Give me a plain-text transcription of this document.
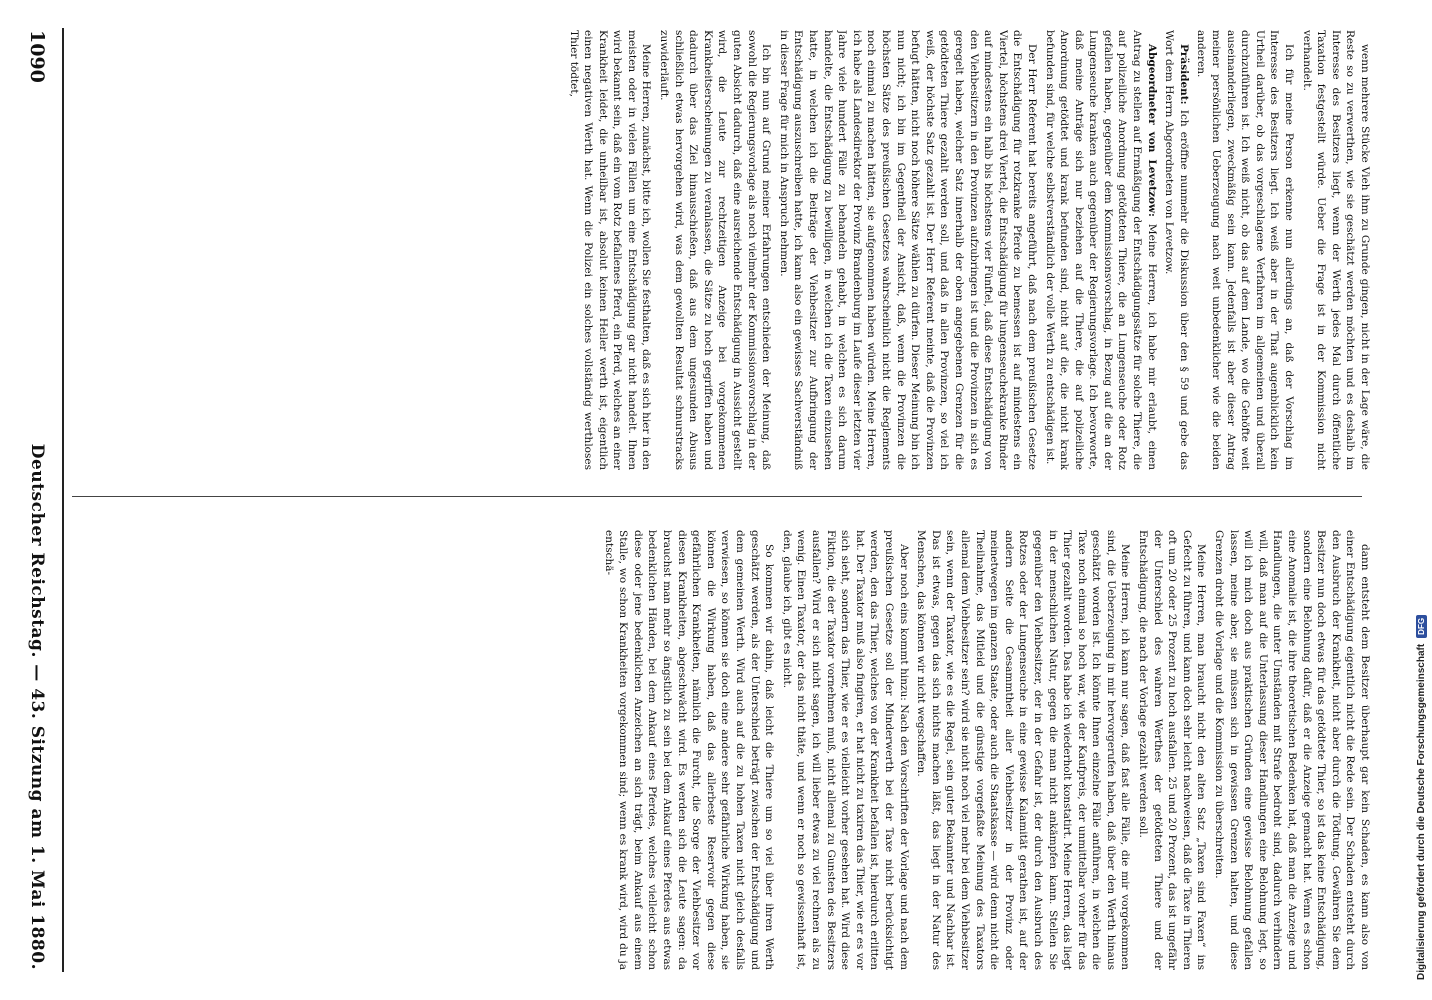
1090
Deutscher Reichstag. — 43. Sitzung am 1. Mai 1880.

wenn mehrere Stücke Vieh ihm zu Grunde gingen, nicht in der Lage wäre, die Reste so zu verwerthen, wie sie geschätzt werden möchten und es deshalb im Interesse des Besitzers liegt, wenn der Werth jedes Mal durch öffentliche Taxation festgestellt würde. Ueber die Frage ist in der Kommission nicht verhandelt.

Ich für meine Person erkenne nun allerdings an, daß der Vorschlag im Interesse des Besitzers liegt. Ich weiß aber in der That augenblicklich kein Urtheil darüber, ob das vorgeschlagene Verfahren im allgemeinen und überall durchzuführen ist. Ich weiß nicht, ob das auf dem Lande, wo die Gehöfte weit auseinanderliegen, zweckmäßig sein kann. Jedenfalls ist aber dieser Antrag meiner persönlichen Ueberzeugung nach weit unbedenklicher wie die beiden anderen.

Präsident: Ich eröffne nunmehr die Diskussion über den § 59 und gebe das Wort dem Herrn Abgeordneten von Levetzow.

Abgeordneter von Levetzow: Meine Herren, ich habe mir erlaubt, einen Antrag zu stellen auf Ermäßigung der Entschädigungssätze für solche Thiere, die auf polizeiliche Anordnung getödteten Thiere, die an Lungenseuche oder Rotz gefallen haben, gegenüber dem Kommissionsvorschlag, in Bezug auf die an der Lungenseuche kranken auch gegenüber der Regierungsvorlage. Ich bevorworte, daß meine Anträge sich nur beziehen auf die Thiere, die auf polizeiliche Anordnung getödtet und krank befunden sind, nicht auf die, die nicht krank befunden sind, für welche selbstverständlich der volle Werth zu entschädigen ist.

Der Herr Referent hat bereits angeführt, daß nach dem preußischen Gesetze die Entschädigung für rotzkranke Pferde zu bemessen ist auf mindestens ein Viertel, höchstens drei Viertel, die Entschädigung für lungenseuchekranke Rinder auf mindestens ein halb bis höchstens vier Fünftel, daß diese Entschädigung von den Viehbesitzern in den Provinzen aufzubringen ist und die Provinzen in sich es geregelt haben, welcher Satz innerhalb der oben angegebenen Grenzen für die getödteten Thiere gezahlt werden soll, und daß in allen Provinzen, so viel ich weiß, der höchste Satz gezahlt ist. Der Herr Referent meinte, daß die Provinzen befugt hätten, nicht noch höhere Sätze wählen zu dürfen. Dieser Meinung bin ich nun nicht; ich bin im Gegentheil der Ansicht, daß, wenn die Provinzen die höchsten Sätze des preußischen Gesetzes wahrscheinlich nicht die Reglements noch einmal zu machen hätten, sie aufgenommen haben würden. Meine Herren, ich habe als Landesdirektor der Provinz Brandenburg im Laufe dieser letzten vier Jahre viele hundert Fälle zu behandeln gehabt, in welchen es sich darum handelte, die Entschädigung zu bewilligen, in welchen ich die Taxen einzusehen hatte, in welchen ich die Beiträge der Viehbesitzer zur Aufbringung der Entschädigung auszuschreiben hatte, ich kann also ein gewisses Sachverständniß in dieser Frage für mich in Anspruch nehmen.

Ich bin nun auf Grund meiner Erfahrungen entschieden der Meinung, daß sowohl die Regierungsvorlage als noch vielmehr der Kommissionsvorschlag in der guten Absicht dadurch, daß eine ausreichende Entschädigung in Aussicht gestellt wird, die Leute zur rechtzeitigen Anzeige bei vorgekommenen Krankheitserscheinungen zu veranlassen, die Sätze zu hoch gegriffen haben und dadurch über das Ziel hinausschießen, daß aus dem ungesunden Abusus schließlich etwas hervorgehen wird, was dem gewollten Resultat schnurstracks zuwiderläuft.

Meine Herren, zunächst, bitte ich, wollen Sie festhalten, daß es sich hier in den meisten oder in vielen Fällen um eine Entschädigung gar nicht handelt. Ihnen wird bekannt sein, daß ein vom Rotz befallenes Pferd, ein Pferd, welches an einer Krankheit leidet, die unheilbar ist, absolut keinen Heller werth ist, eigentlich einen negativen Werth hat. Wenn die Polizei ein solches vollständig werthloses Thier tödtet,

dann entsteht dem Besitzer überhaupt gar kein Schaden, es kann also von einer Entschädigung eigentlich nicht die Rede sein. Der Schaden entsteht durch den Ausbruch der Krankheit, nicht aber durch die Tödtung. Gewähren Sie dem Besitzer nun doch etwas für das getödtete Thier, so ist das keine Entschädigung, sondern eine Belohnung dafür, daß er die Anzeige gemacht hat. Wenn es schon eine Anomalie ist, die ihre theoretischen Bedenken hat, daß man die Anzeige und Handlungen, die unter Umständen mit Strafe bedroht sind, dadurch verhindern will, daß man auf die Unterlassung dieser Handlungen eine Belohnung legt, so will ich mich doch aus praktischen Gründen eine gewisse Belohnung gefallen lassen, meine aber, sie müssen sich in gewissen Grenzen halten, und diese Grenzen droht die Vorlage und die Kommission zu überschreiten.

Meine Herren, man braucht nicht den alten Satz „Taxen sind Faxen“ ins Gefecht zu führen, und kann doch sehr leicht nachweisen, daß die Taxe in Thieren oft um 20 oder 25 Prozent zu hoch ausfallen. 25 und 20 Prozent, das ist ungefähr der Unterschied des wahren Werthes der getödteten Thiere und der Entschädigung, die nach der Vorlage gezahlt werden soll.

Meine Herren, ich kann nur sagen, daß fast alle Fälle, die mir vorgekommen sind, die Ueberzeugung in mir hervorgerufen haben, daß über den Werth hinaus geschätzt worden ist. Ich könnte Ihnen einzelne Fälle anführen, in welchen die Taxe noch einmal so hoch war, wie der Kaufpreis, der unmittelbar vorher für das Thier gezahlt worden. Das habe ich wiederholt konstatirt. Meine Herren, das liegt in der menschlichen Natur, gegen die man nicht ankämpfen kann. Stellen Sie gegenüber den Viehbesitzer, der in der Gefahr ist, der durch den Ausbruch des Rotzes oder der Lungenseuche in eine gewisse Kalamität gerathen ist, auf der andern Seite die Gesammtheit aller Viehbesitzer in der Provinz oder meinetwegen im ganzen Staate, oder auch die Staatskasse — wird denn nicht die Theilnahme, das Mitleid und die günstige vorgefaßte Meinung des Taxators allemal dem Viehbesitzer sein? wird sie nicht noch viel mehr bei dem Viehbesitzer sein, wenn der Taxator, wie es die Regel, sein guter Bekannter und Nachbar ist. Das ist etwas, gegen das sich nichts machen läßt, das liegt in der Natur des Menschen, das können wir nicht wegschaffen.

Aber noch eins kommt hinzu: Nach den Vorschriften der Vorlage und nach dem preußischen Gesetze soll der Minderwerth bei der Taxe nicht berücksichtigt werden, den das Thier, welches von der Krankheit befallen ist, hierdurch erlitten hat. Der Taxator muß also fingiren, er hat nicht zu taxiren das Thier, wie er es vor sich sieht, sondern das Thier, wie er es vielleicht vorher gesehen hat. Wird diese Fiktion, die der Taxator vornehmen muß, nicht allemal zu Gunsten des Besitzers ausfallen? Wird er sich nicht sagen, ich will lieber etwas zu viel rechnen als zu wenig. Einen Taxator, der das nicht thäte, und wenn er noch so gewissenhaft ist, den, glaube ich, gibt es nicht.

So kommen wir dahin, daß leicht die Thiere um so viel über ihren Werth geschätzt werden, als der Unterschied beträgt zwischen der Entschädigung und dem gemeinen Werth. Wird auch auf die zu hohen Taxen nicht gleich desfalls verwiesen, so können sie doch eine andere sehr gefährliche Wirkung haben, sie können die Wirkung haben, daß das allerbeste Reservoir gegen diese gefährlichen Krankheiten, nämlich die Furcht, die Sorge der Viehbesitzer vor diesen Krankheiten, abgeschwächt wird. Es werden sich die Leute sagen: da brauchst man mehr so ängstlich zu sein bei dem Ankauf eines Pferdes aus etwas bedenklichen Händen, bei dem Ankauf eines Pferdes, welches vielleicht schon diese oder jene bedenklichen Anzeichen an sich trägt, beim Ankauf aus einem Stalle, wo schon Krankheiten vorgekommen sind; wenn es krank wird, wird du ja entschä-

Digitalisierung gefördert durch die Deutsche Forschungsgemeinschaft
DFG
